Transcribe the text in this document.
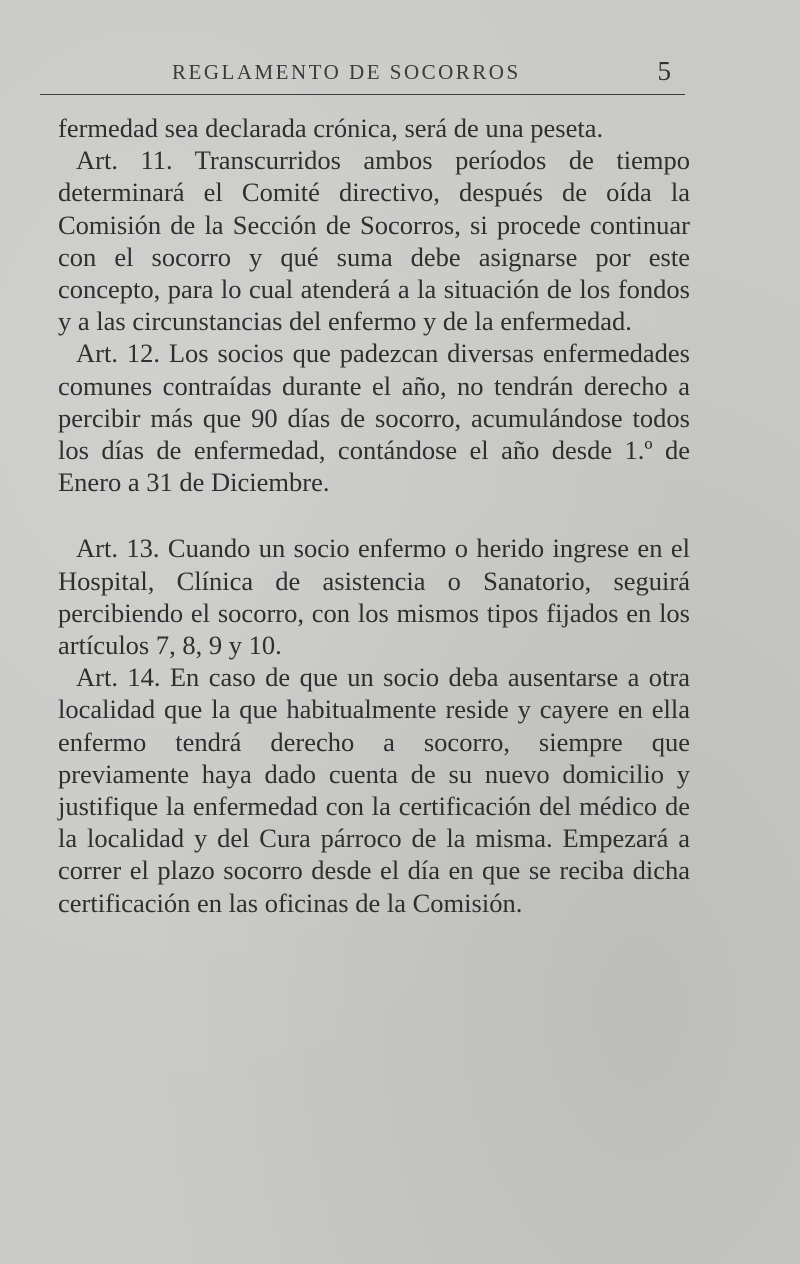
REGLAMENTO DE SOCORROS	5

fermedad sea declarada crónica, será de una peseta.

Art. 11. Transcurridos ambos períodos de tiempo determinará el Comité directivo, después de oída la Comisión de la Sección de Socorros, si procede continuar con el socorro y qué suma debe asignarse por este concepto, para lo cual atenderá a la situación de los fondos y a las circunstancias del enfermo y de la enfermedad.

Art. 12. Los socios que padezcan diversas enfermedades comunes contraídas durante el año, no tendrán derecho a percibir más que 90 días de socorro, acumulándose todos los días de enfermedad, contándose el año desde 1.º de Enero a 31 de Diciembre.

Art. 13. Cuando un socio enfermo o herido ingrese en el Hospital, Clínica de asistencia o Sanatorio, seguirá percibiendo el socorro, con los mismos tipos fijados en los artículos 7, 8, 9 y 10.

Art. 14. En caso de que un socio deba ausentarse a otra localidad que la que habitualmente reside y cayere en ella enfermo tendrá derecho a socorro, siempre que previamente haya dado cuenta de su nuevo domicilio y justifique la enfermedad con la certificación del médico de la localidad y del Cura párroco de la misma. Empezará a correr el plazo socorro desde el día en que se reciba dicha certificación en las oficinas de la Comisión.
